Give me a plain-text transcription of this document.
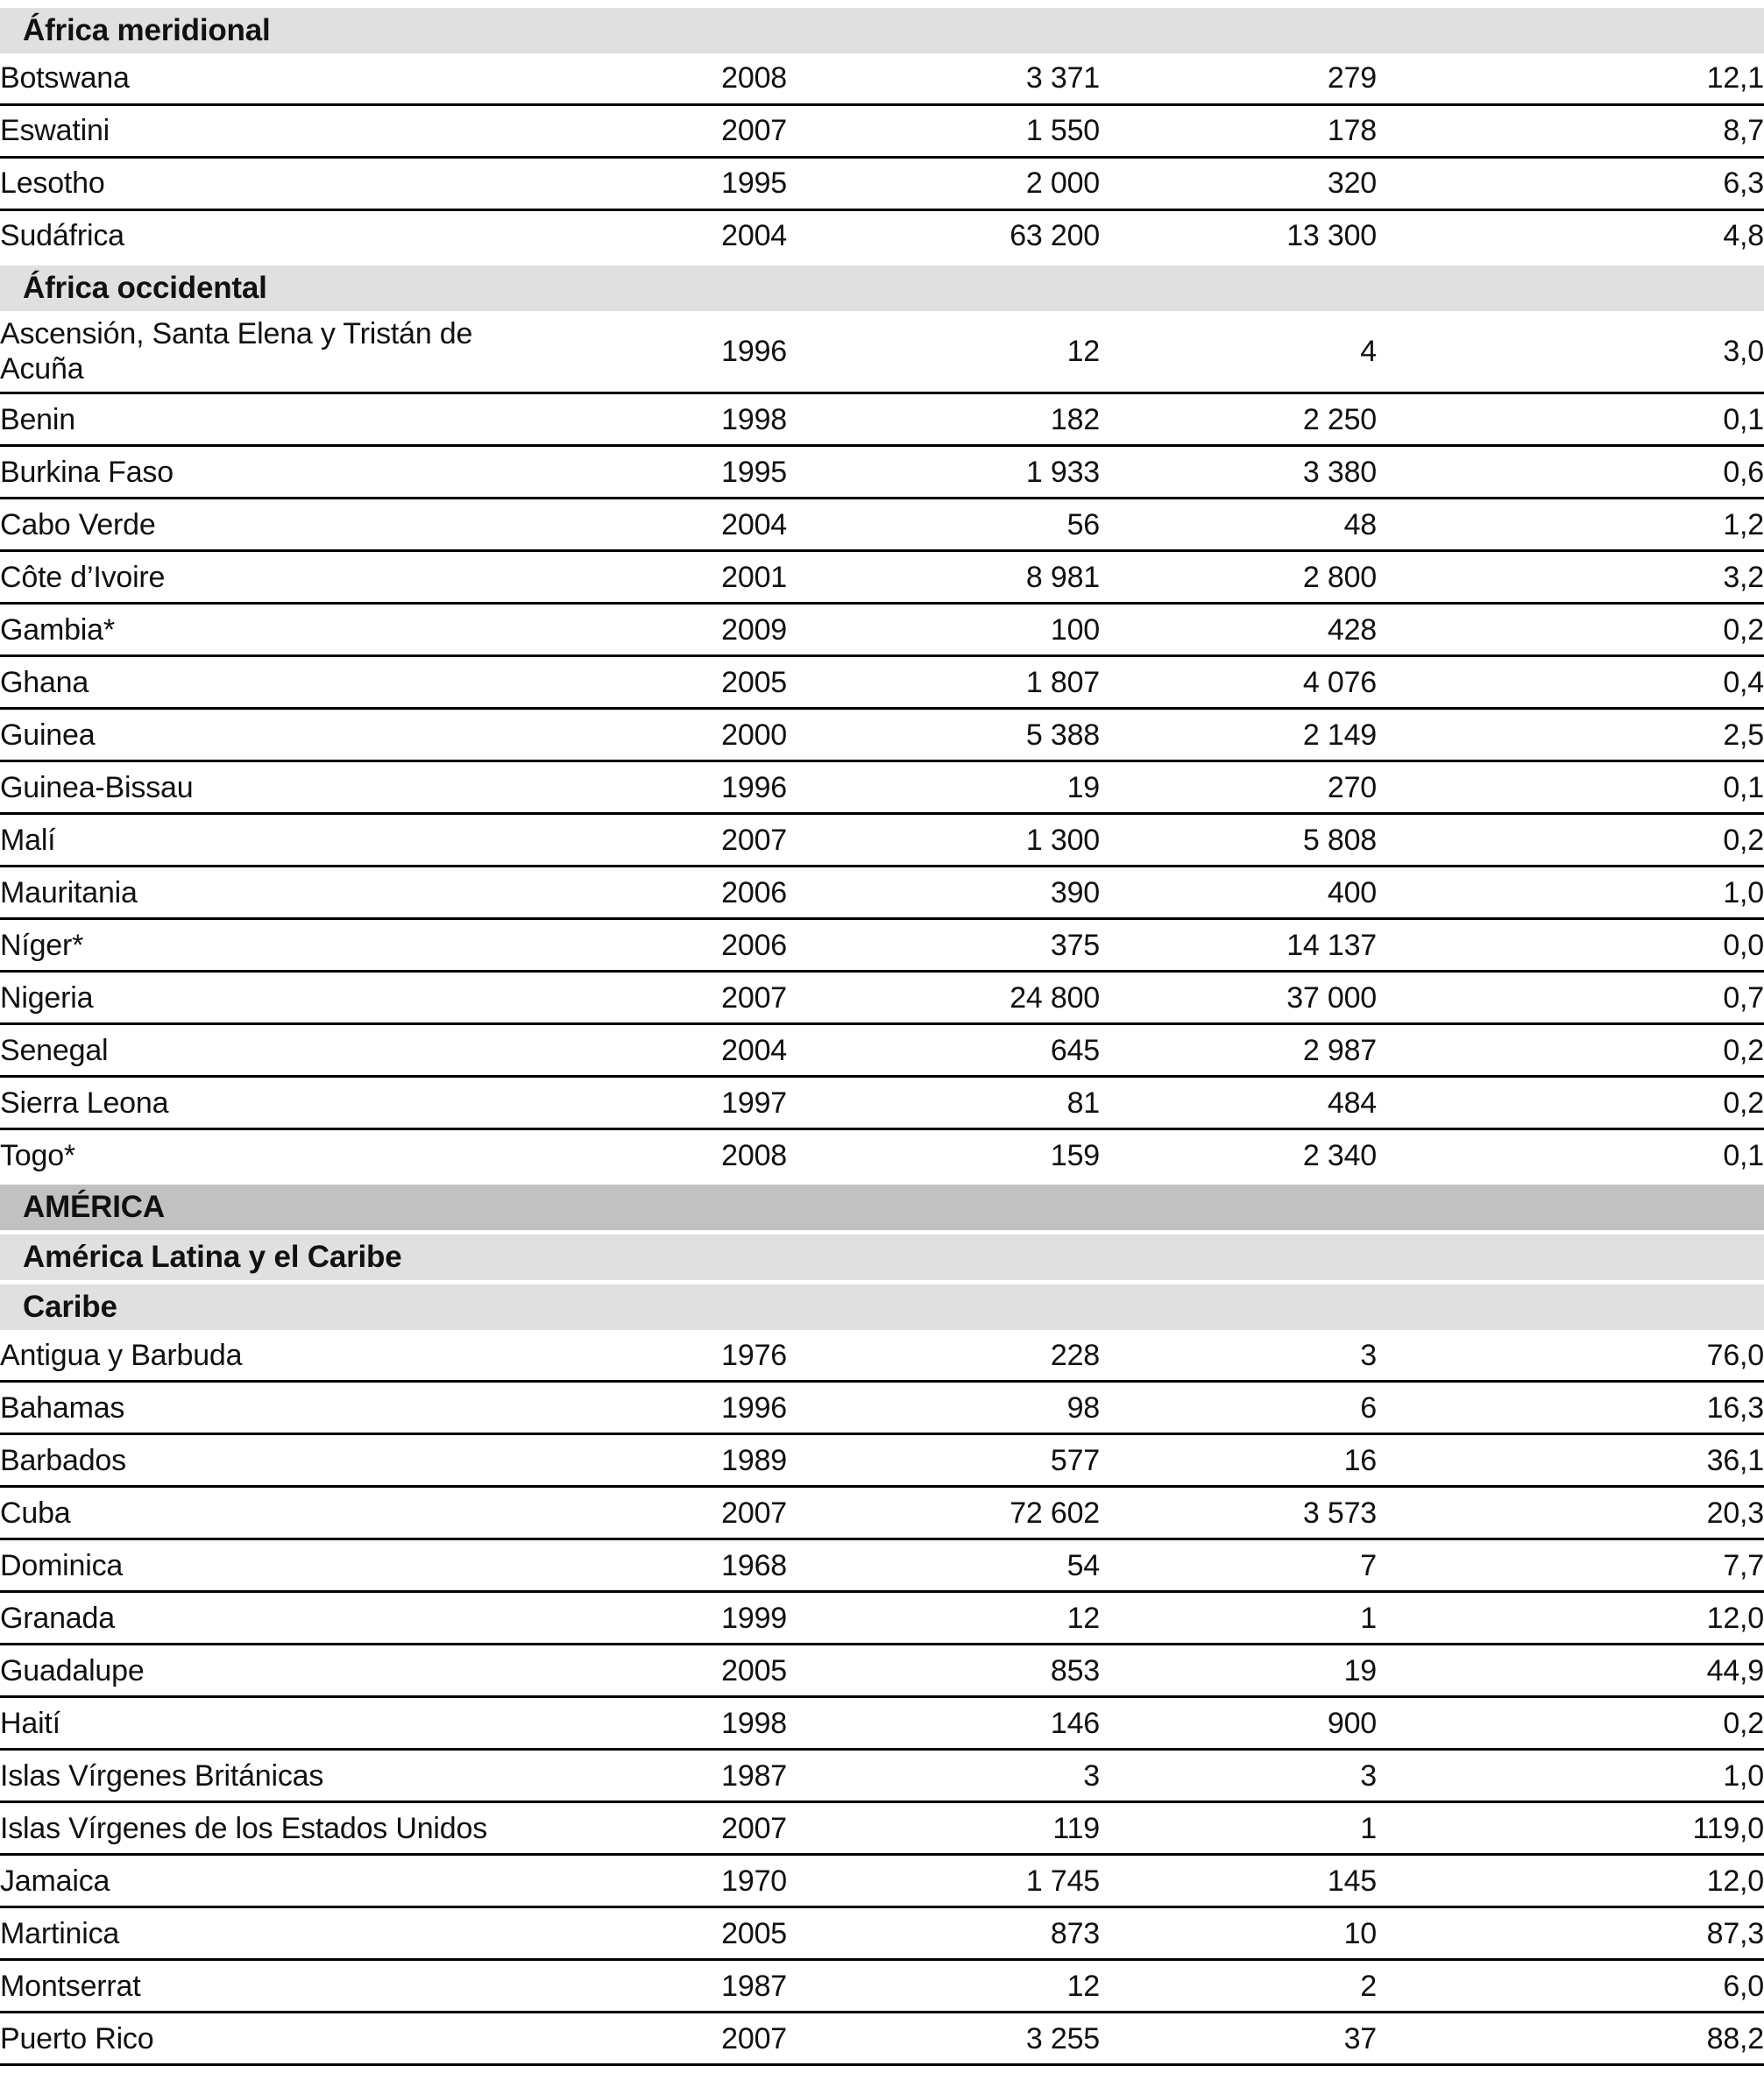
África meridional				
Botswana	2008	3 371	279	12,1
Eswatini	2007	1 550	178	8,7
Lesotho	1995	2 000	320	6,3
Sudáfrica	2004	63 200	13 300	4,8
África occidental				
Ascensión, Santa Elena y Tristán de Acuña	1996	12	4	3,0
Benin	1998	182	2 250	0,1
Burkina Faso	1995	1 933	3 380	0,6
Cabo Verde	2004	56	48	1,2
Côte d’Ivoire	2001	8 981	2 800	3,2
Gambia*	2009	100	428	0,2
Ghana	2005	1 807	4 076	0,4
Guinea	2000	5 388	2 149	2,5
Guinea-Bissau	1996	19	270	0,1
Malí	2007	1 300	5 808	0,2
Mauritania	2006	390	400	1,0
Níger*	2006	375	14 137	0,0
Nigeria	2007	24 800	37 000	0,7
Senegal	2004	645	2 987	0,2
Sierra Leona	1997	81	484	0,2
Togo*	2008	159	2 340	0,1
AMÉRICA				
América Latina y el Caribe				
Caribe				
Antigua y Barbuda	1976	228	3	76,0
Bahamas	1996	98	6	16,3
Barbados	1989	577	16	36,1
Cuba	2007	72 602	3 573	20,3
Dominica	1968	54	7	7,7
Granada	1999	12	1	12,0
Guadalupe	2005	853	19	44,9
Haití	1998	146	900	0,2
Islas Vírgenes Británicas	1987	3	3	1,0
Islas Vírgenes de los Estados Unidos	2007	119	1	119,0
Jamaica	1970	1 745	145	12,0
Martinica	2005	873	10	87,3
Montserrat	1987	12	2	6,0
Puerto Rico	2007	3 255	37	88,2
